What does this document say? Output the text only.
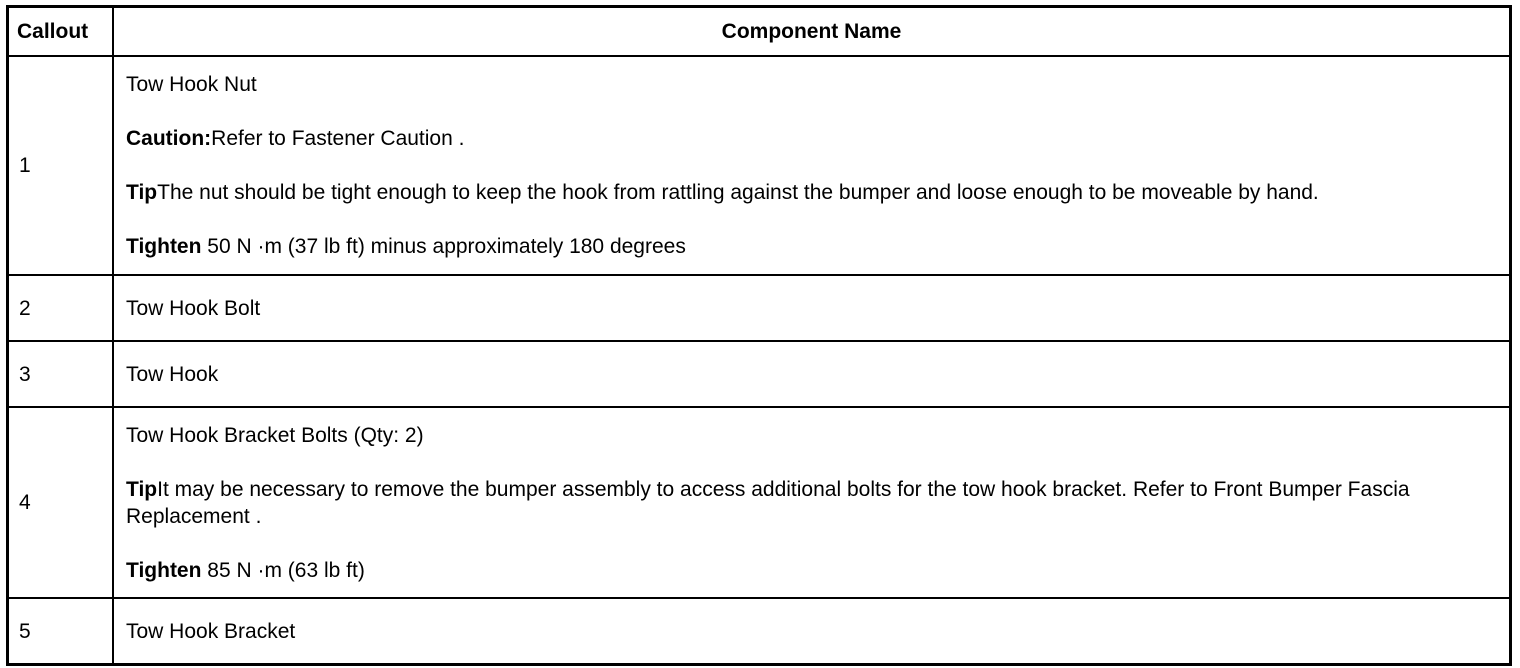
Callout	Component Name
1	Tow Hook Nut

Caution:Refer to Fastener Caution .

TipThe nut should be tight enough to keep the hook from rattling against the bumper and loose enough to be moveable by hand.

Tighten 50 N ·m (37 lb ft) minus approximately 180 degrees

2	Tow Hook Bolt

3	Tow Hook

4	Tow Hook Bracket Bolts (Qty: 2)

TipIt may be necessary to remove the bumper assembly to access additional bolts for the tow hook bracket. Refer to Front Bumper Fascia Replacement .

Tighten 85 N ·m (63 lb ft)

5	Tow Hook Bracket
